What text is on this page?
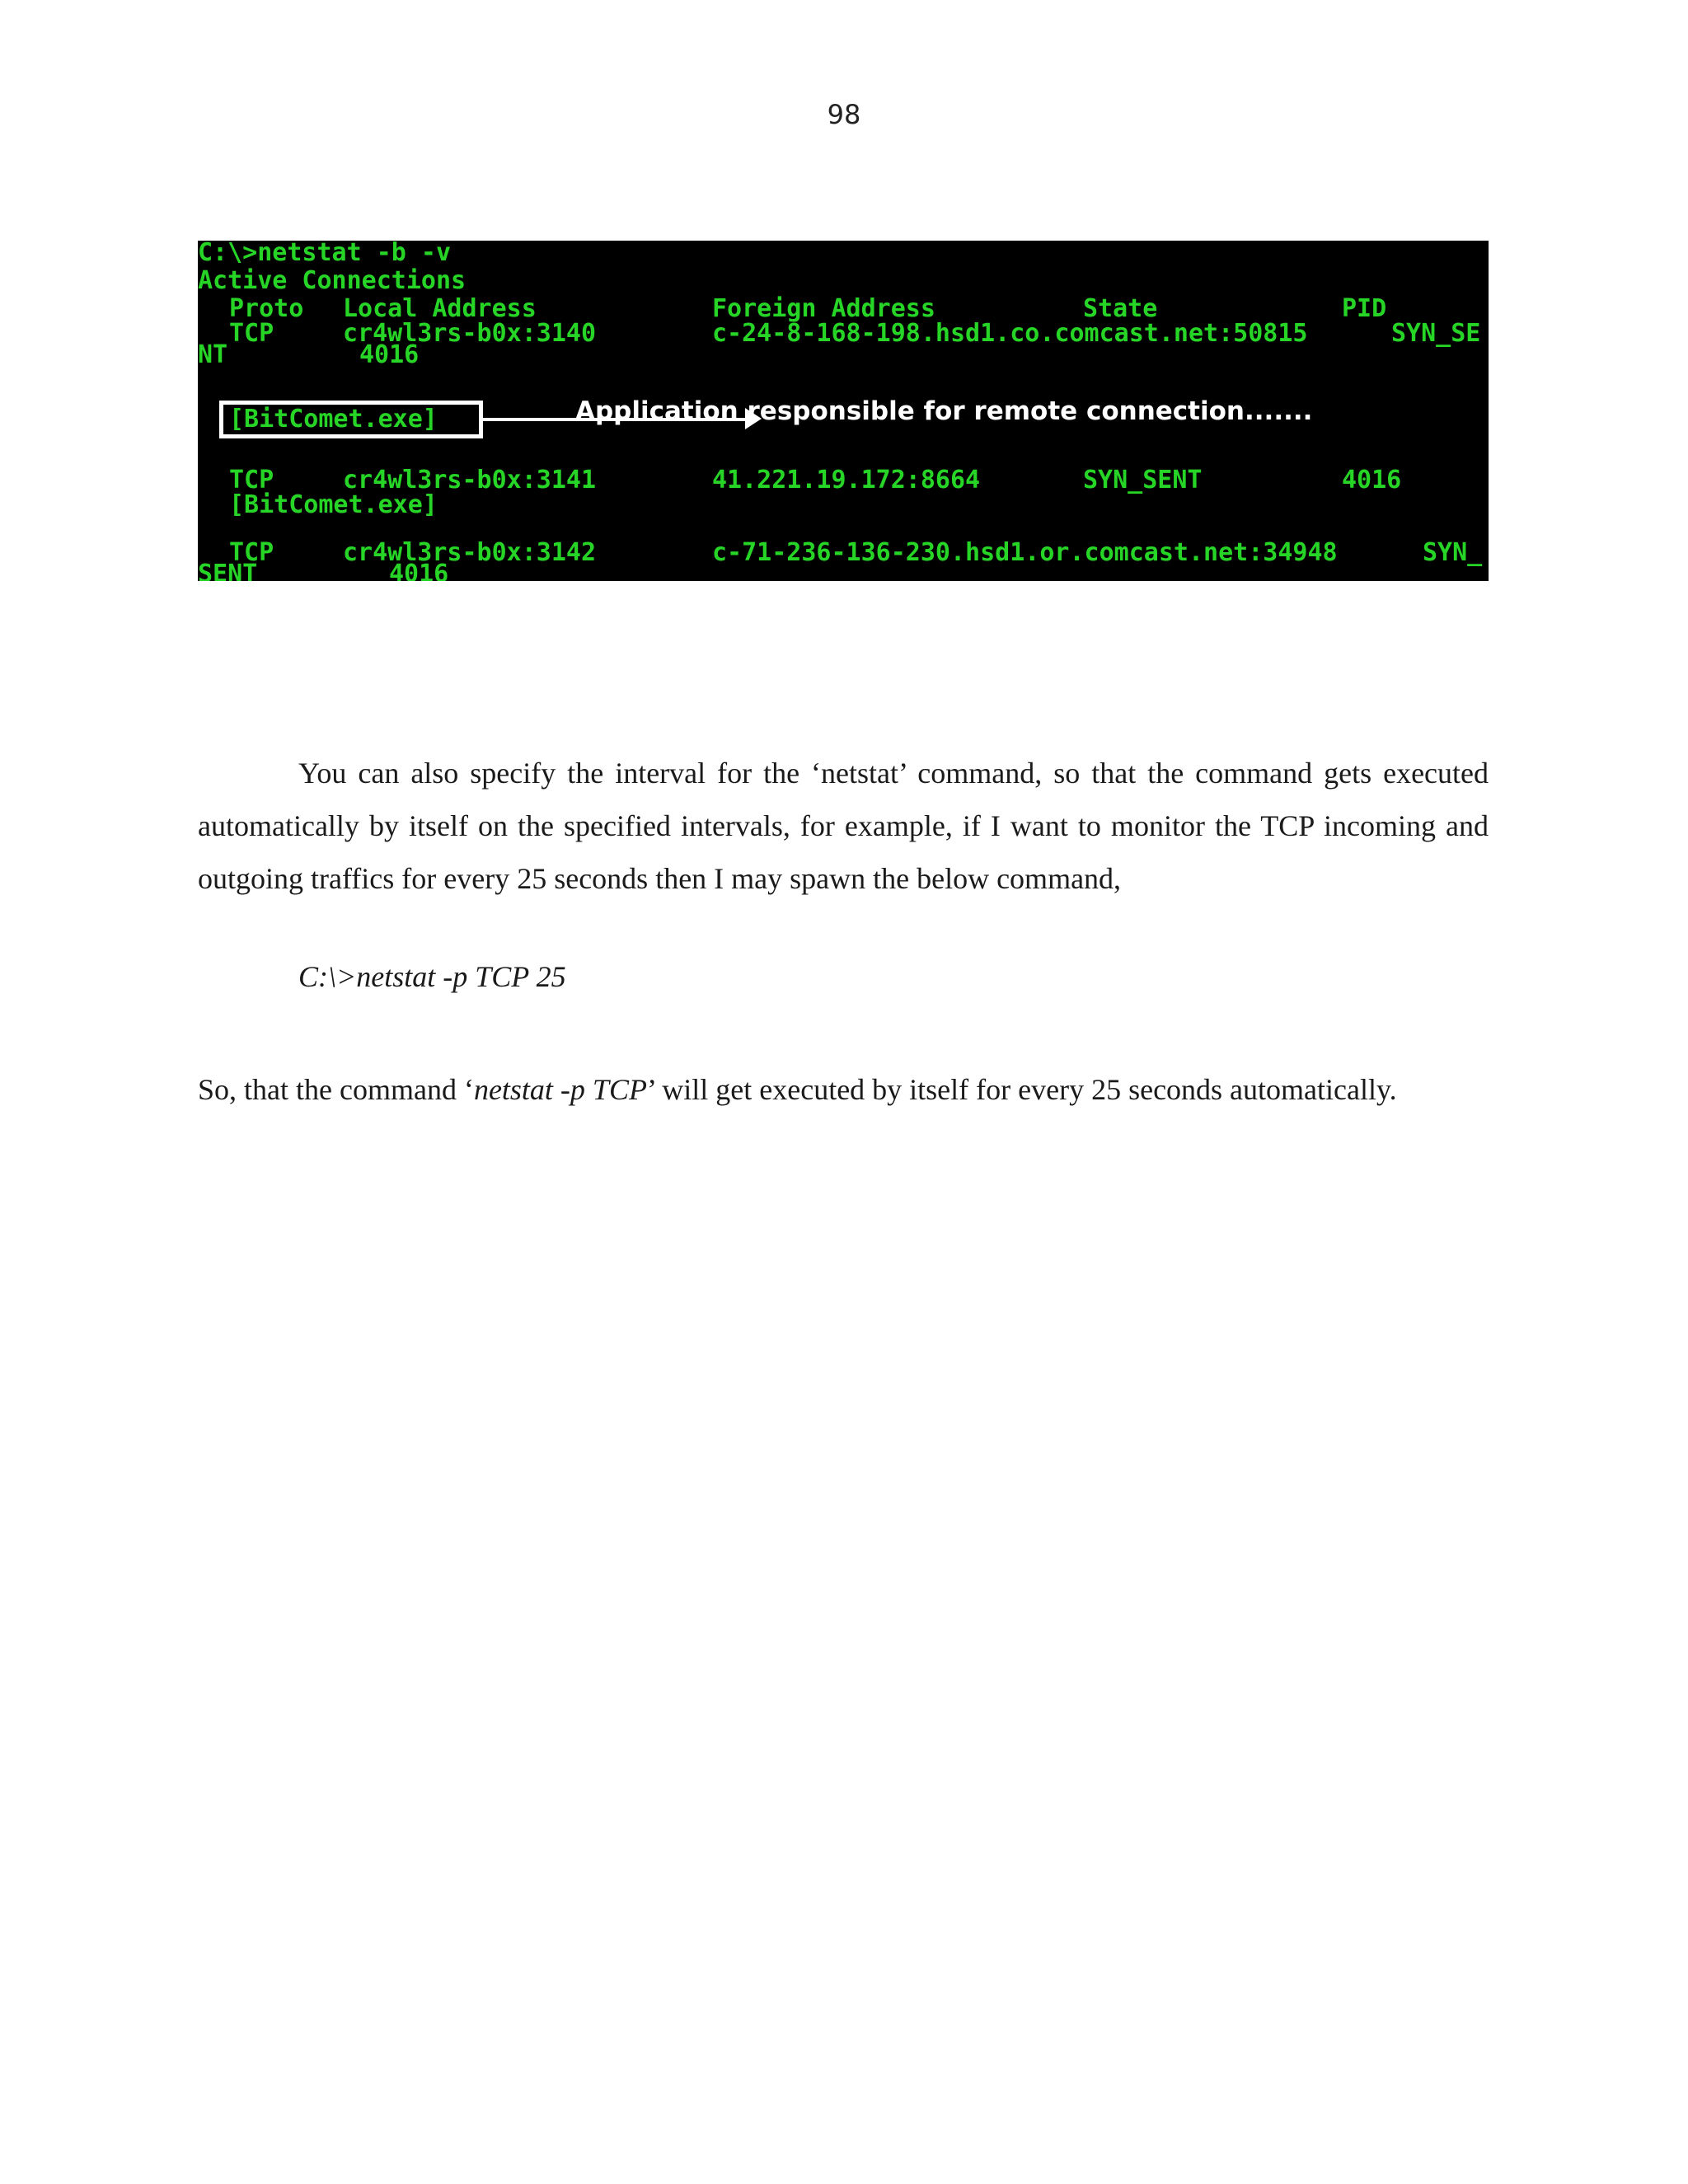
98
C:\>netstat -b -v
Active Connections
Proto Local Address	Foreign Address	State	PID
TCP	cr4wl3rs-b0x:3140	c-24-8-168-198.hsd1.co.comcast.net:50815	SYN_SE
NT	4016
[BitComet.exe]	Application responsible for remote connection.......
TCP	cr4wl3rs-b0x:3141	41.221.19.172:8664	SYN_SENT	4016
[BitComet.exe]
TCP	cr4wl3rs-b0x:3142	c-71-236-136-230.hsd1.or.comcast.net:34948	SYN_
SENT	4016

You can also specify the interval for the ‘netstat’ command, so that the command gets executed automatically by itself on the specified intervals, for example, if I want to monitor the TCP incoming and outgoing traffics for every 25 seconds then I may spawn the below command,

C:\>netstat -p TCP 25

So, that the command ‘netstat -p TCP’ will get executed by itself for every 25 seconds automatically.
